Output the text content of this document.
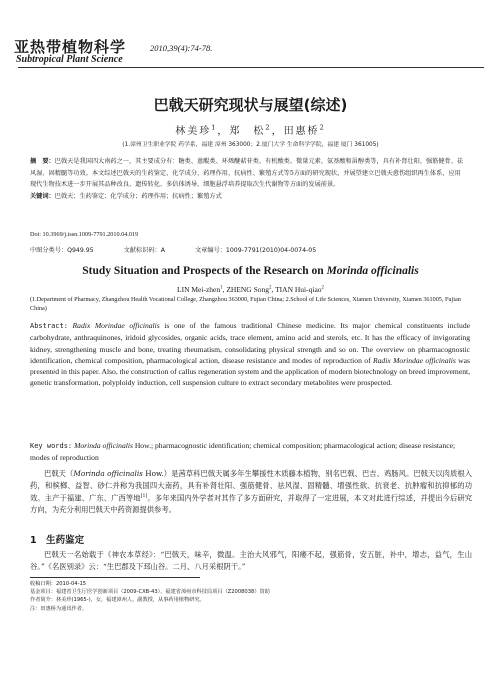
亚热带植物科学
Subtropical Plant Science
2010,39(4):74-78.
巴戟天研究现状与展望(综述)
林美珍$^1$，郑　松$^2$，田惠桥$^2$
(1.漳州卫生职业学院 药学系，福建 漳州 363000；2.厦门大学 生命科学学院，福建 厦门 361005)
摘　要：巴戟天是我国四大南药之一，其主要成分有：糖类、蒽醌类、环烯醚萜苷类、有机酸类、微量元素、氨基酸和甾醇类等，具有补肾壮阳、强筋健骨、祛风湿、固精髓等功效。本文综述巴戟天的生药鉴定、化学成分、药理作用、抗病性、繁殖方式等5方面的研究现状，并展望建立巴戟天愈伤组织再生体系，应用现代生物技术进一步开展其品种改良、遗传转化、多倍体诱导、细胞悬浮培养提取次生代谢物等方面的发展前景。
关键词：巴戟天；生药鉴定；化学成分；药理作用；抗病性；繁殖方式
Doi: 10.3969/j.issn.1009-7791.2010.04.019
中图分类号：Q949.95	文献标识码：A	文章编号：1009-7791(2010)04-0074-05
Study Situation and Prospects of the Research on Morinda officinalis
LIN Mei-zhen$^1$, ZHENG Song$^2$, TIAN Hui-qiao$^2$
(1.Department of Pharmacy, Zhangzhou Health Vocational College, Zhangzhou 363000, Fujian China; 2.School of Life Sciences, Xiamen University, Xiamen 361005, Fujian China)
Abstract: Radix Morindae officinalis is one of the famous traditional Chinese medicine. Its major chemical constituents include carbohydrate, anthraquinones, iridoid glycosides, organic acids, trace element, amino acid and sterols, etc. It has the efficacy of invigorating kidney, strengthening muscle and bone, treating rheumatism, consolidating physical strength and so on. The overview on pharmacognostic identification, chemical composition, pharmacological action, disease resistance and modes of reproduction of Radix Morindae officinalis was presented in this paper. Also, the construction of callus regeneration system and the application of modern biotechnology on breed improvement, genetic transformation, polyploidy induction, cell suspension culture to extract secondary metabolites were prospected.
Key words: Morinda officinalis How.; pharmacognostic identification; chemical composition; pharmacological action; disease resistance; modes of reproduction
巴戟天（Morinda officinalis How.）是茜草科巴戟天属多年生攀援性木质藤本植物，别名巴戟、巴吉、鸡肠风。巴戟天以肉质根入药，和槟榔、益智、砂仁并称为我国四大南药，具有补肾壮阳、强筋健骨、祛风湿、固精髓、增强性欲、抗衰老、抗肿瘤和抗抑郁的功效。主产于福建、广东、广西等地[1]。多年来国内外学者对其作了多方面研究，并取得了一定进展，本文对此进行综述，并提出今后研究方向，为充分利用巴戟天中药资源提供参考。
1　生药鉴定
巴戟天一名始载于《神农本草经》：“巴戟天，味辛，微温。主治大风邪气，阳痿不起，强筋骨，安五脏，补中，增志，益气，生山谷。”《名医别录》云：“生巴郡及下邳山谷。二月、八月采根阴干。”
收稿日期：2010-04-15
基金项目：福建省卫生厅医学创新项目（2009-CXB-43）、福建省漳州市科技局项目（Z2008038）资助
作者简介：林美珍(1965-)，女，福建漳州人，副教授，从事药用植物研究。
注：田惠桥为通讯作者。
